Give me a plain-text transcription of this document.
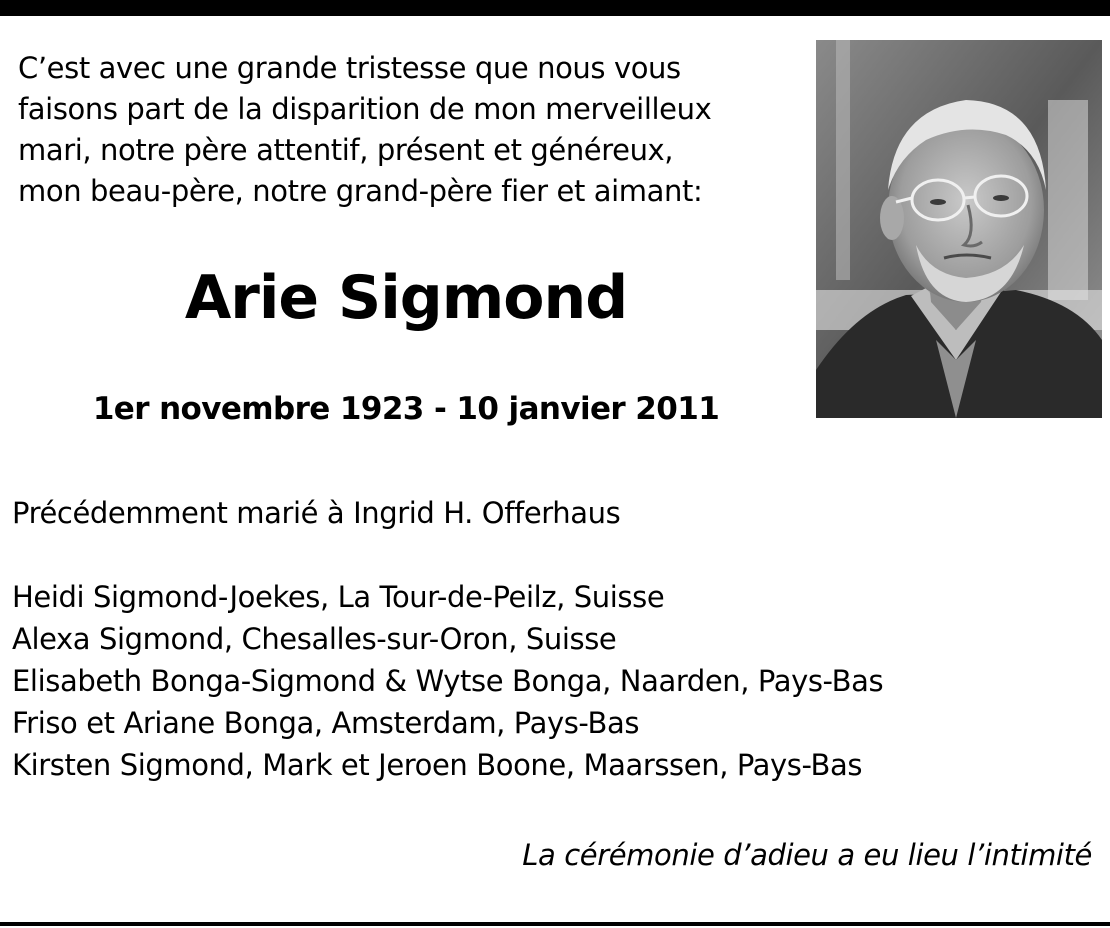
C’est avec une grande tristesse que nous vous
faisons part de la disparition de mon merveilleux
mari, notre père attentif, présent et généreux,
mon beau-père, notre grand-père fier et aimant:
Arie Sigmond
1er novembre 1923 - 10 janvier 2011
Précédemment marié à Ingrid H. Offerhaus
Heidi Sigmond-Joekes, La Tour-de-Peilz, Suisse
Alexa Sigmond, Chesalles-sur-Oron, Suisse
Elisabeth Bonga-Sigmond & Wytse Bonga, Naarden, Pays-Bas
Friso et Ariane Bonga, Amsterdam, Pays-Bas
Kirsten Sigmond, Mark et Jeroen Boone, Maarssen, Pays-Bas
La cérémonie d’adieu a eu lieu l’intimité
